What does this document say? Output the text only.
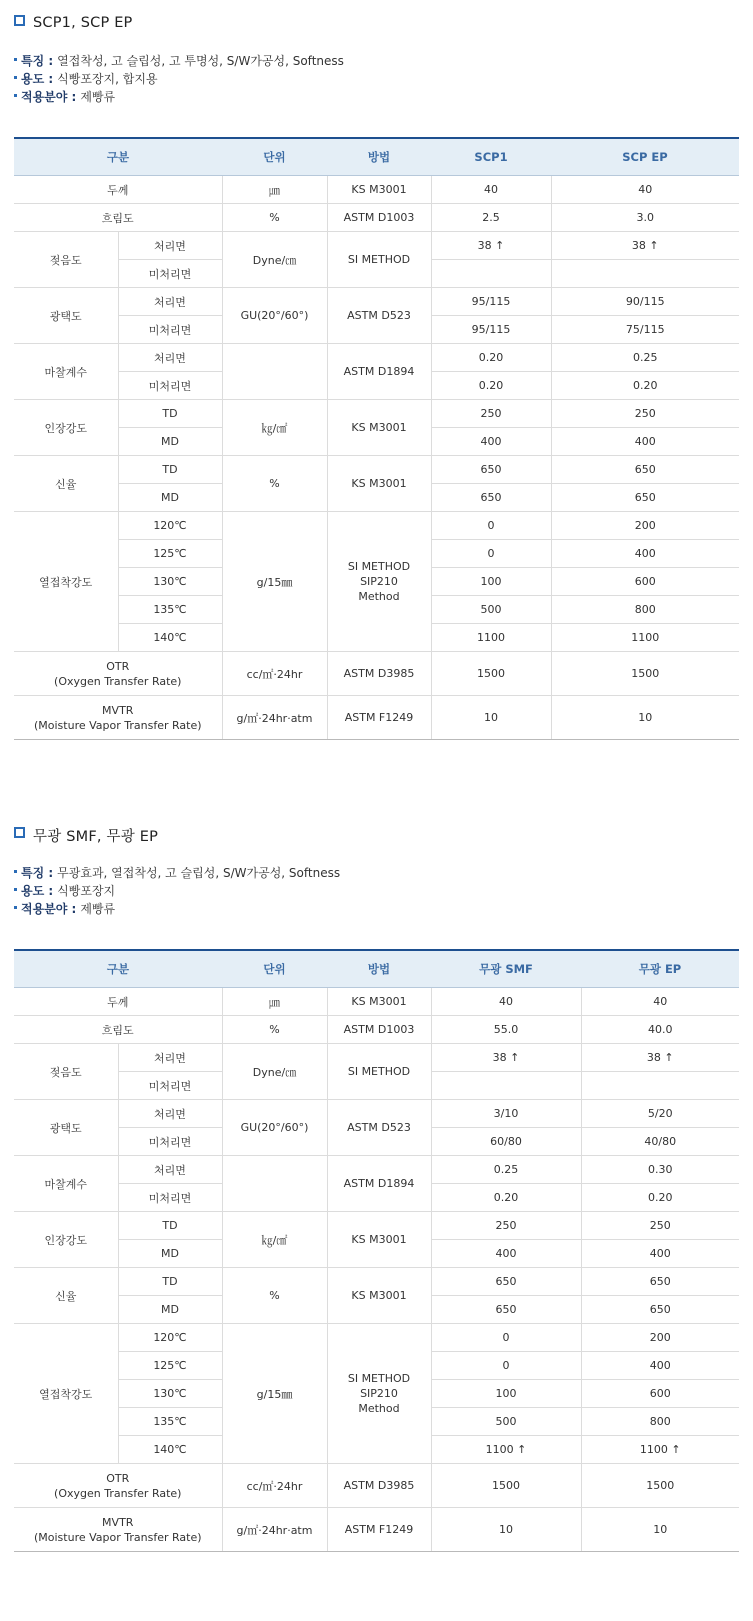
SCP1, SCP EP
특징 : 열접착성, 고 슬립성, 고 투명성, S/W가공성, Softness
용도 : 식빵포장지, 합지용
적용분야 : 제빵류
구분		단위	방법	SCP1	SCP EP
두께		㎛	KS M3001	40	40
흐림도		%	ASTM D1003	2.5	3.0
젖음도	처리면	Dyne/㎝	SI METHOD	38 ↑	38 ↑
	미처리면				
광택도	처리면	GU(20°/60°)	ASTM D523	95/115	90/115
	미처리면			95/115	75/115
마찰계수	처리면		ASTM D1894	0.20	0.25
	미처리면			0.20	0.20
인장강도	TD	㎏/㎠	KS M3001	250	250
	MD			400	400
신율	TD	%	KS M3001	650	650
	MD			650	650
열접착강도	120℃	g/15㎜	SI METHOD
SIP210
Method	0	200
	125℃			0	400
	130℃			100	600
	135℃			500	800
	140℃			1100	1100
OTR
(Oxygen Transfer Rate)		cc/㎡·24hr	ASTM D3985	1500	1500
MVTR
(Moisture Vapor Transfer Rate)		g/㎡·24hr·atm	ASTM F1249	10	10
무광 SMF, 무광 EP
특징 : 무광효과, 열접착성, 고 슬립성, S/W가공성, Softness
용도 : 식빵포장지
적용분야 : 제빵류
구분		단위	방법	무광 SMF	무광 EP
두께		㎛	KS M3001	40	40
흐림도		%	ASTM D1003	55.0	40.0
젖음도	처리면	Dyne/㎝	SI METHOD	38 ↑	38 ↑
	미처리면				
광택도	처리면	GU(20°/60°)	ASTM D523	3/10	5/20
	미처리면			60/80	40/80
마찰계수	처리면		ASTM D1894	0.25	0.30
	미처리면			0.20	0.20
인장강도	TD	㎏/㎠	KS M3001	250	250
	MD			400	400
신율	TD	%	KS M3001	650	650
	MD			650	650
열접착강도	120℃	g/15㎜	SI METHOD
SIP210
Method	0	200
	125℃			0	400
	130℃			100	600
	135℃			500	800
	140℃			1100 ↑	1100 ↑
OTR
(Oxygen Transfer Rate)		cc/㎡·24hr	ASTM D3985	1500	1500
MVTR
(Moisture Vapor Transfer Rate)		g/㎡·24hr·atm	ASTM F1249	10	10
